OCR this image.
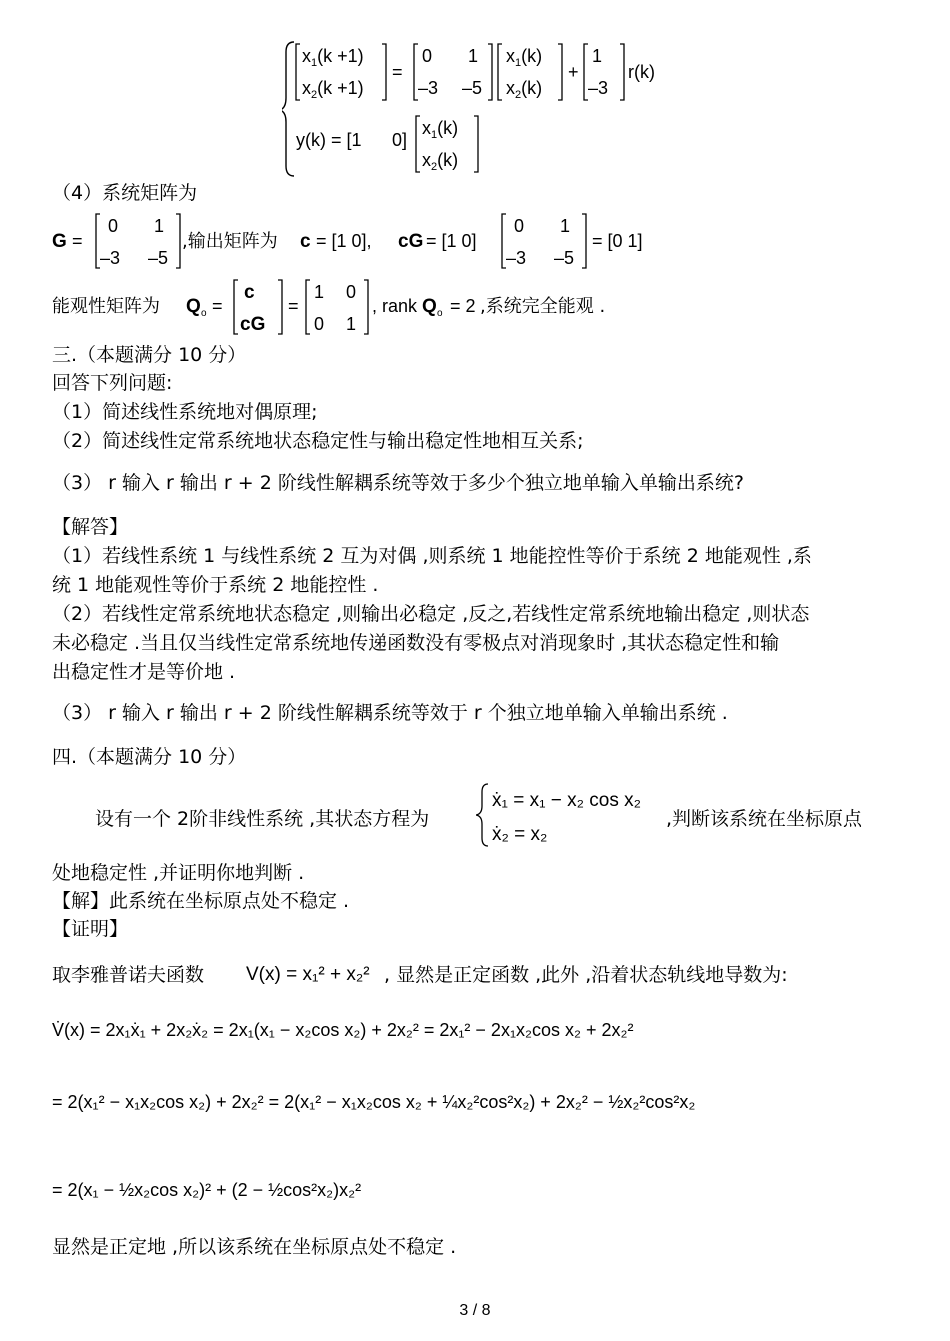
$x_1(k +1)$
$x_2(k +1)$
=
0 1
–3 –5
$x_1(k)$
$x_2(k)$
+
1
–3
r(k)
y(k) = [1 0]
$x_1(k)$
$x_2(k)$
（4）系统矩阵为
G =
0 1
–3 –5
,输出矩阵为 c = [1 0], cG = [1 0]
0 1
–3 –5
= [0 1]
能观性矩阵为 Q o =
c
cG
=
1 0
0 1
, rank Q o = 2 ,系统完全能观 .
三.（本题满分 10 分）
回答下列问题:
（1）简述线性系统地对偶原理;
（2）简述线性定常系统地状态稳定性与输出稳定性地相互关系;
（3） r 输入 r 输出 r + 2 阶线性解耦系统等效于多少个独立地单输入单输出系统?
【解答】
（1）若线性系统 1 与线性系统 2 互为对偶 ,则系统 1 地能控性等价于系统 2 地能观性 ,系
统 1 地能观性等价于系统 2 地能控性 .
（2）若线性定常系统地状态稳定 ,则输出必稳定 ,反之,若线性定常系统地输出稳定 ,则状态
未必稳定 .当且仅当线性定常系统地传递函数没有零极点对消现象时 ,其状态稳定性和输
出稳定性才是等价地 .
（3） r 输入 r 输出 r + 2 阶线性解耦系统等效于 r 个独立地单输入单输出系统 .
四.（本题满分 10 分）
设有一个 2阶非线性系统 ,其状态方程为
ẋ₁ = x₁ − x₂ cos x₂
ẋ₂ = x₂
,判断该系统在坐标原点
处地稳定性 ,并证明你地判断 .
【解】此系统在坐标原点处不稳定 .
【证明】
取李雅普诺夫函数 V(x) = x₁² + x₂² , 显然是正定函数 ,此外 ,沿着状态轨线地导数为:
V̇(x) = 2x₁ẋ₁ + 2x₂ẋ₂ = 2x₁(x₁ − x₂cos x₂) + 2x₂² = 2x₁² − 2x₁x₂cos x₂ + 2x₂²
= 2(x₁² − x₁x₂cos x₂) + 2x₂² = 2(x₁² − x₁x₂cos x₂ + ¼x₂²cos²x₂) + 2x₂² − ½x₂²cos²x₂
= 2(x₁ − ½x₂cos x₂)² + (2 − ½cos²x₂)x₂²
显然是正定地 ,所以该系统在坐标原点处不稳定 .
3 / 8
